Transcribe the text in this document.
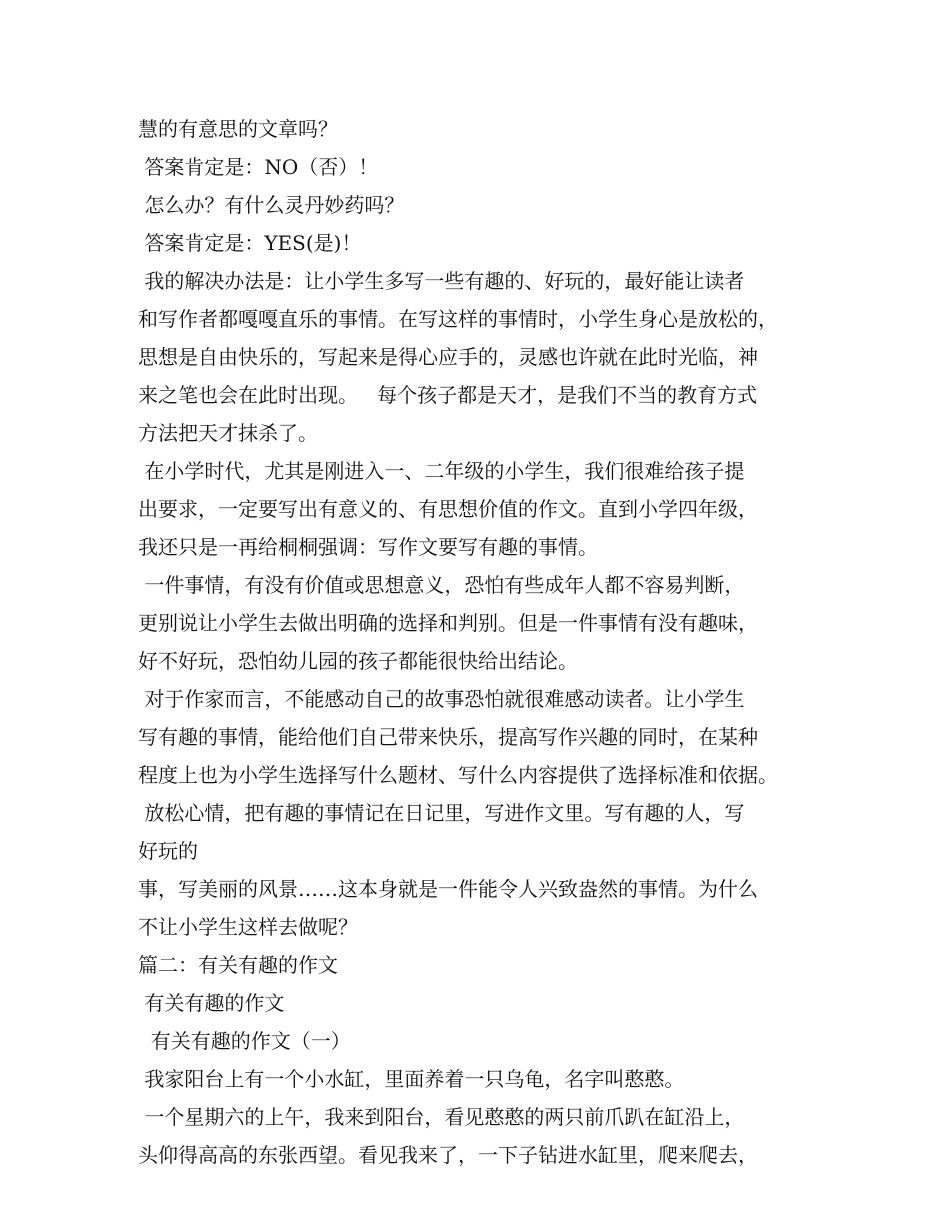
慧的有意思的文章吗？
答案肯定是：NO（否）！
怎么办？有什么灵丹妙药吗？
答案肯定是：YES(是)！
我的解决办法是：让小学生多写一些有趣的、好玩的，最好能让读者
和写作者都嘎嘎直乐的事情。在写这样的事情时，小学生身心是放松的，
思想是自由快乐的，写起来是得心应手的，灵感也许就在此时光临，神
来之笔也会在此时出现。   每个孩子都是天才，是我们不当的教育方式
方法把天才抹杀了。
在小学时代，尤其是刚进入一、二年级的小学生，我们很难给孩子提
出要求，一定要写出有意义的、有思想价值的作文。直到小学四年级，
我还只是一再给桐桐强调：写作文要写有趣的事情。
一件事情，有没有价值或思想意义，恐怕有些成年人都不容易判断，
更别说让小学生去做出明确的选择和判别。但是一件事情有没有趣味，
好不好玩，恐怕幼儿园的孩子都能很快给出结论。
对于作家而言，不能感动自己的故事恐怕就很难感动读者。让小学生
写有趣的事情，能给他们自己带来快乐，提高写作兴趣的同时，在某种
程度上也为小学生选择写什么题材、写什么内容提供了选择标准和依据。
放松心情，把有趣的事情记在日记里，写进作文里。写有趣的人，写
好玩的
事，写美丽的风景……这本身就是一件能令人兴致盎然的事情。为什么
不让小学生这样去做呢？
篇二：有关有趣的作文
有关有趣的作文
有关有趣的作文（一）
我家阳台上有一个小水缸，里面养着一只乌龟，名字叫憨憨。
一个星期六的上午，我来到阳台，看见憨憨的两只前爪趴在缸沿上，
头仰得高高的东张西望。看见我来了，一下子钻进水缸里，爬来爬去，
